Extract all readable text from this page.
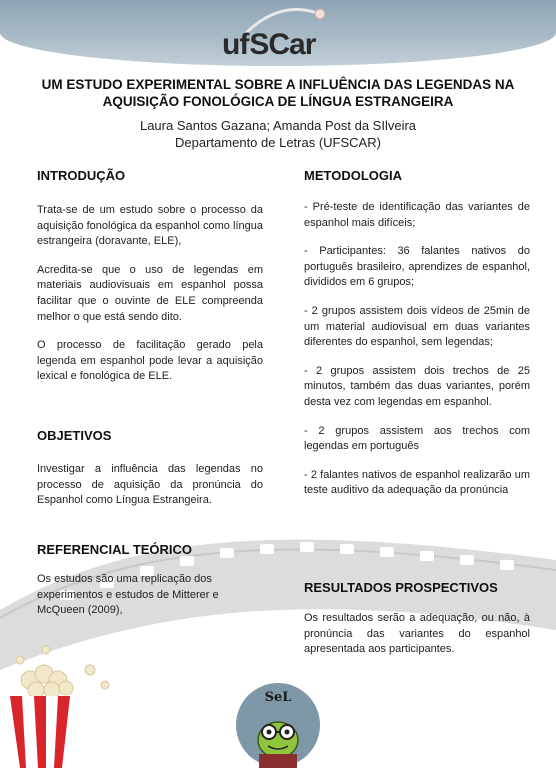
uf SCar
UM ESTUDO EXPERIMENTAL SOBRE A INFLUÊNCIA DAS LEGENDAS NA
AQUISIÇÃO FONOLÓGICA DE LÍNGUA ESTRANGEIRA
Laura Santos Gazana; Amanda Post da SIlveira
Departamento de Letras (UFSCAR)
INTRODUÇÃO

Trata-se de um estudo sobre o processo da aquisição fonológica da espanhol como língua estrangeira (doravante, ELE),

Acredita-se que o uso de legendas em materiais audiovisuais em espanhol possa facilitar que o ouvinte de ELE compreenda melhor o que está sendo dito.

O processo de facilitação gerado pela legenda em espanhol pode levar a aquisição lexical e fonológica de ELE.

OBJETIVOS
Investigar a influência das legendas no processo de aquisição da pronúncia do Espanhol como Língua Estrangeira.
REFERENCIAL TEÓRICO
Os estudos são uma replicação dos experimentos e estudos de Mitterer e McQueen (2009),
METODOLOGIA

- Pré-teste de identificação das variantes de espanhol mais difíceis;

- Participantes: 36 falantes nativos do português brasileiro, aprendizes de espanhol, divididos em 6 grupos;

- 2 grupos assistem dois vídeos de 25min de um material audiovisual em duas variantes diferentes do espanhol, sem legendas;

- 2 grupos assistem dois trechos de 25 minutos, também das duas variantes, porém desta vez com legendas em espanhol.

- 2 grupos assistem aos trechos com legendas em português

- 2 falantes nativos de espanhol realizarão um teste auditivo da adequação da pronúncia

RESULTADOS PROSPECTIVOS
Os resultados serão a adequação, ou não, à pronúncia das variantes do espanhol apresentada aos participantes.
SeL
